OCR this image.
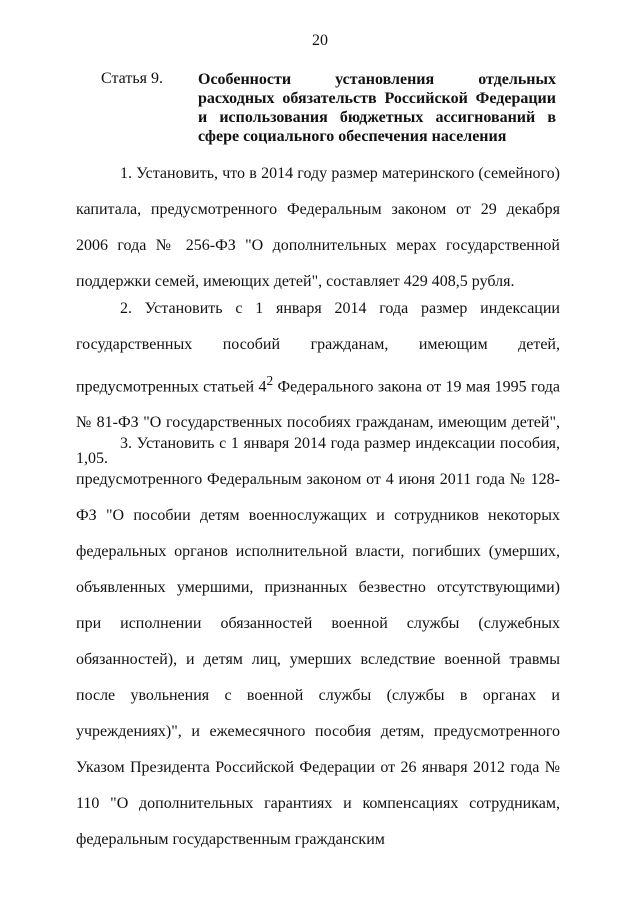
20
Статья 9. Особенности установления отдельных расходных обязательств Российской Федерации и использования бюджетных ассигнований в сфере социального обеспечения населения

1. Установить, что в 2014 году размер материнского (семейного) капитала, предусмотренного Федеральным законом от 29 декабря 2006 года № 256-ФЗ "О дополнительных мерах государственной поддержки семей, имеющих детей", составляет 429 408,5 рубля.

2. Установить с 1 января 2014 года размер индексации государственных пособий гражданам, имеющим детей, предусмотренных статьей $4^2$ Федерального закона от 19 мая 1995 года № 81-ФЗ "О государственных пособиях гражданам, имеющим детей", 1,05.

3. Установить с 1 января 2014 года размер индексации пособия, предусмотренного Федеральным законом от 4 июня 2011 года № 128-ФЗ "О пособии детям военнослужащих и сотрудников некоторых федеральных органов исполнительной власти, погибших (умерших, объявленных умершими, признанных безвестно отсутствующими) при исполнении обязанностей военной службы (служебных обязанностей), и детям лиц, умерших вследствие военной травмы после увольнения с военной службы (службы в органах и учреждениях)", и ежемесячного пособия детям, предусмотренного Указом Президента Российской Федерации от 26 января 2012 года № 110 "О дополнительных гарантиях и компенсациях сотрудникам, федеральным государственным гражданским
